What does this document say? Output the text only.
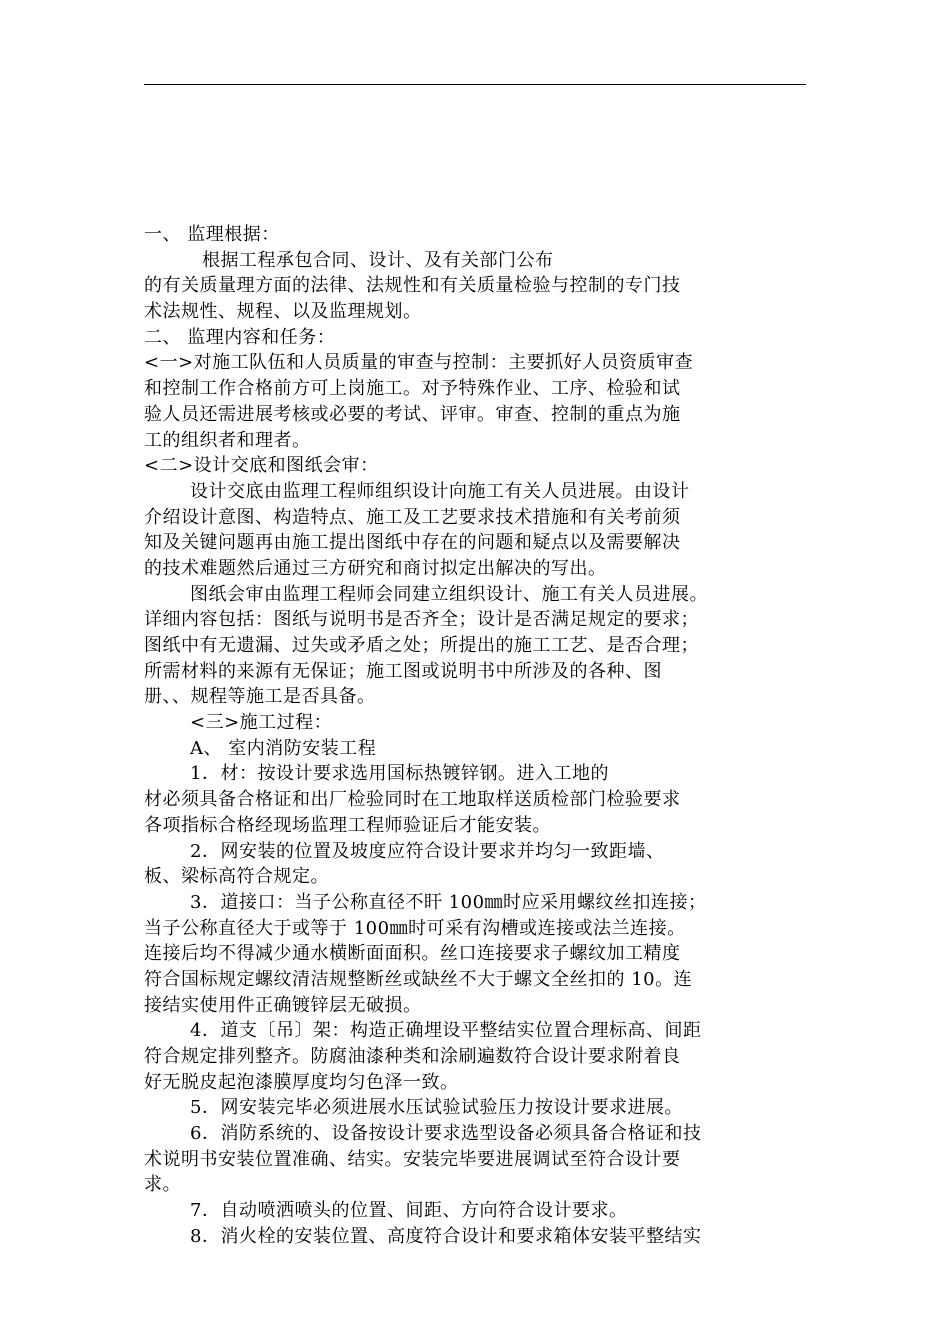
一、 监理根据：
根据工程承包合同、设计、及有关部门公布
的有关质量理方面的法律、法规性和有关质量检验与控制的专门技
术法规性、规程、以及监理规划。
二、 监理内容和任务：
<一>对施工队伍和人员质量的审查与控制：主要抓好人员资质审查
和控制工作合格前方可上岗施工。对予特殊作业、工序、检验和试
验人员还需进展考核或必要的考试、评审。审查、控制的重点为施
工的组织者和理者。
<二>设计交底和图纸会审：
设计交底由监理工程师组织设计向施工有关人员进展。由设计
介绍设计意图、构造特点、施工及工艺要求技术措施和有关考前须
知及关键问题再由施工提出图纸中存在的问题和疑点以及需要解决
的技术难题然后通过三方研究和商讨拟定出解决的写出。
图纸会审由监理工程师会同建立组织设计、施工有关人员进展。
详细内容包括：图纸与说明书是否齐全；设计是否满足规定的要求；
图纸中有无遗漏、过失或矛盾之处；所提出的施工工艺、是否合理；
所需材料的来源有无保证；施工图或说明书中所涉及的各种、图
册、、规程等施工是否具备。
<三>施工过程：
A、 室内消防安装工程
1．材：按设计要求选用国标热镀锌钢。进入工地的
材必须具备合格证和出厂检验同时在工地取样送质检部门检验要求
各项指标合格经现场监理工程师验证后才能安装。
2．网安装的位置及坡度应符合设计要求并均匀一致距墙、
板、梁标高符合规定。
3．道接口：当子公称直径不盰 100㎜时应采用螺纹丝扣连接；
当子公称直径大于或等于 100㎜时可采有沟槽或连接或法兰连接。
连接后均不得减少通水横断面面积。丝口连接要求子螺纹加工精度
符合国标规定螺纹清洁规整断丝或缺丝不大于螺文全丝扣的 10。连
接结实使用件正确镀锌层无破损。
4．道支〔吊〕架：构造正确埋设平整结实位置合理标高、间距
符合规定排列整齐。防腐油漆种类和涂刷遍数符合设计要求附着良
好无脱皮起泡漆膜厚度均匀色泽一致。
5．网安装完毕必须进展水压试验试验压力按设计要求进展。
6．消防系统的、设备按设计要求选型设备必须具备合格证和技
术说明书安装位置准确、结实。安装完毕要进展调试至符合设计要
求。
7．自动喷洒喷头的位置、间距、方向符合设计要求。
8．消火栓的安装位置、高度符合设计和要求箱体安装平整结实
